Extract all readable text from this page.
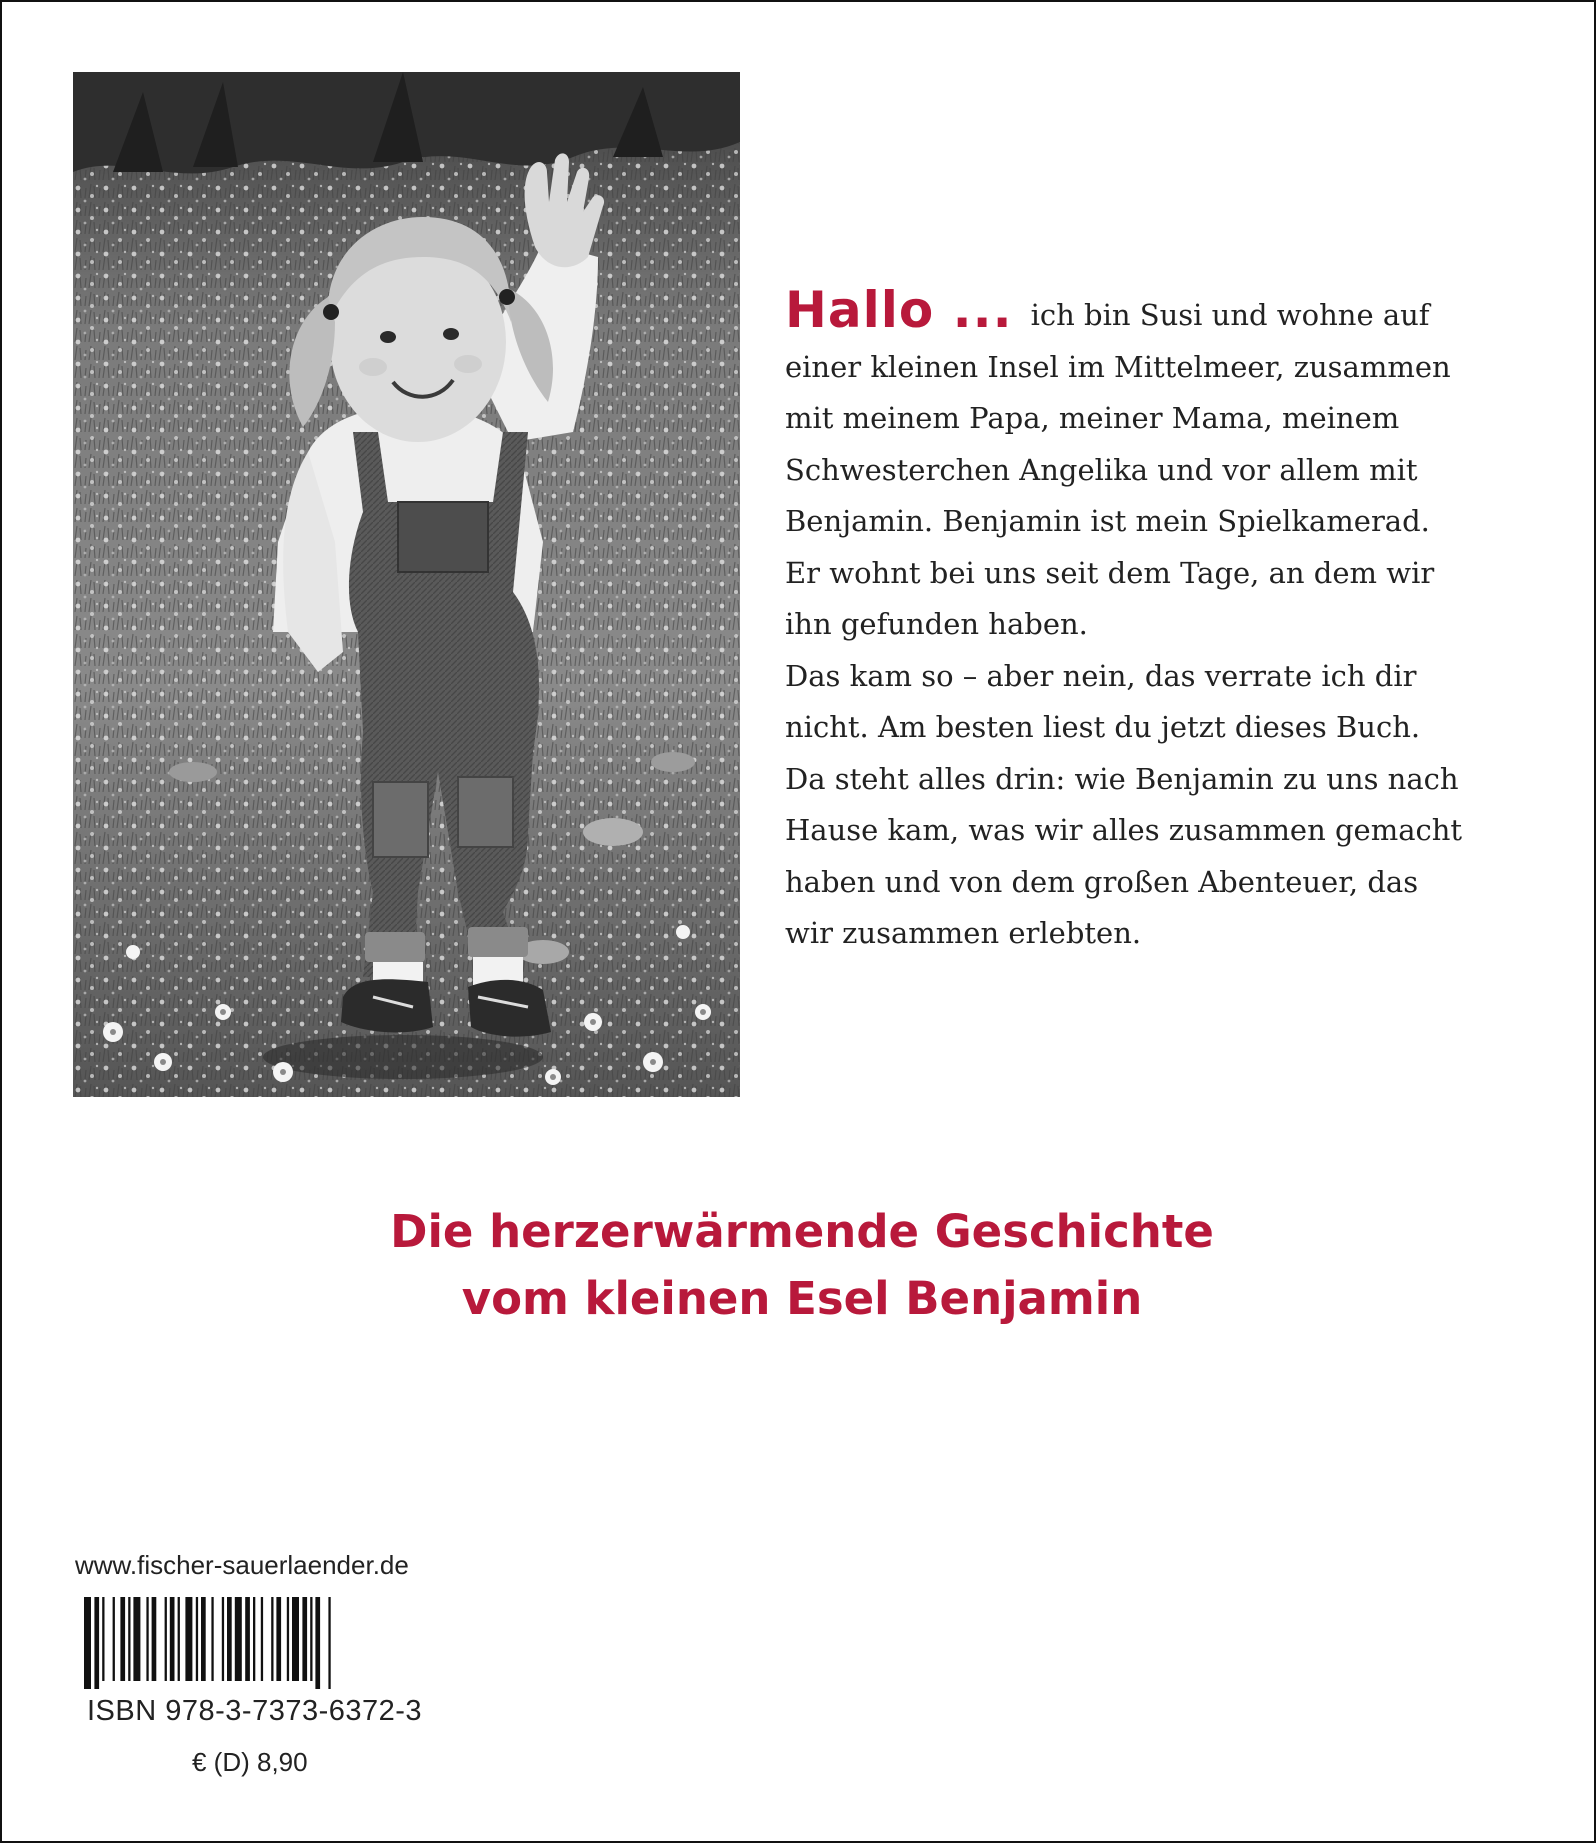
Hallo ... ich bin Susi und wohne auf
einer kleinen Insel im Mittelmeer, zusammen
mit meinem Papa, meiner Mama, meinem
Schwesterchen Angelika und vor allem mit
Benjamin. Benjamin ist mein Spielkamerad.
Er wohnt bei uns seit dem Tage, an dem wir
ihn gefunden haben.
Das kam so – aber nein, das verrate ich dir
nicht. Am besten liest du jetzt dieses Buch.
Da steht alles drin: wie Benjamin zu uns nach
Hause kam, was wir alles zusammen gemacht
haben und von dem großen Abenteuer, das
wir zusammen erlebten.
Die herzerwärmende Geschichte
vom kleinen Esel Benjamin
www.fischer-sauerlaender.de
ISBN 978-3-7373-6372-3
€ (D) 8,90
